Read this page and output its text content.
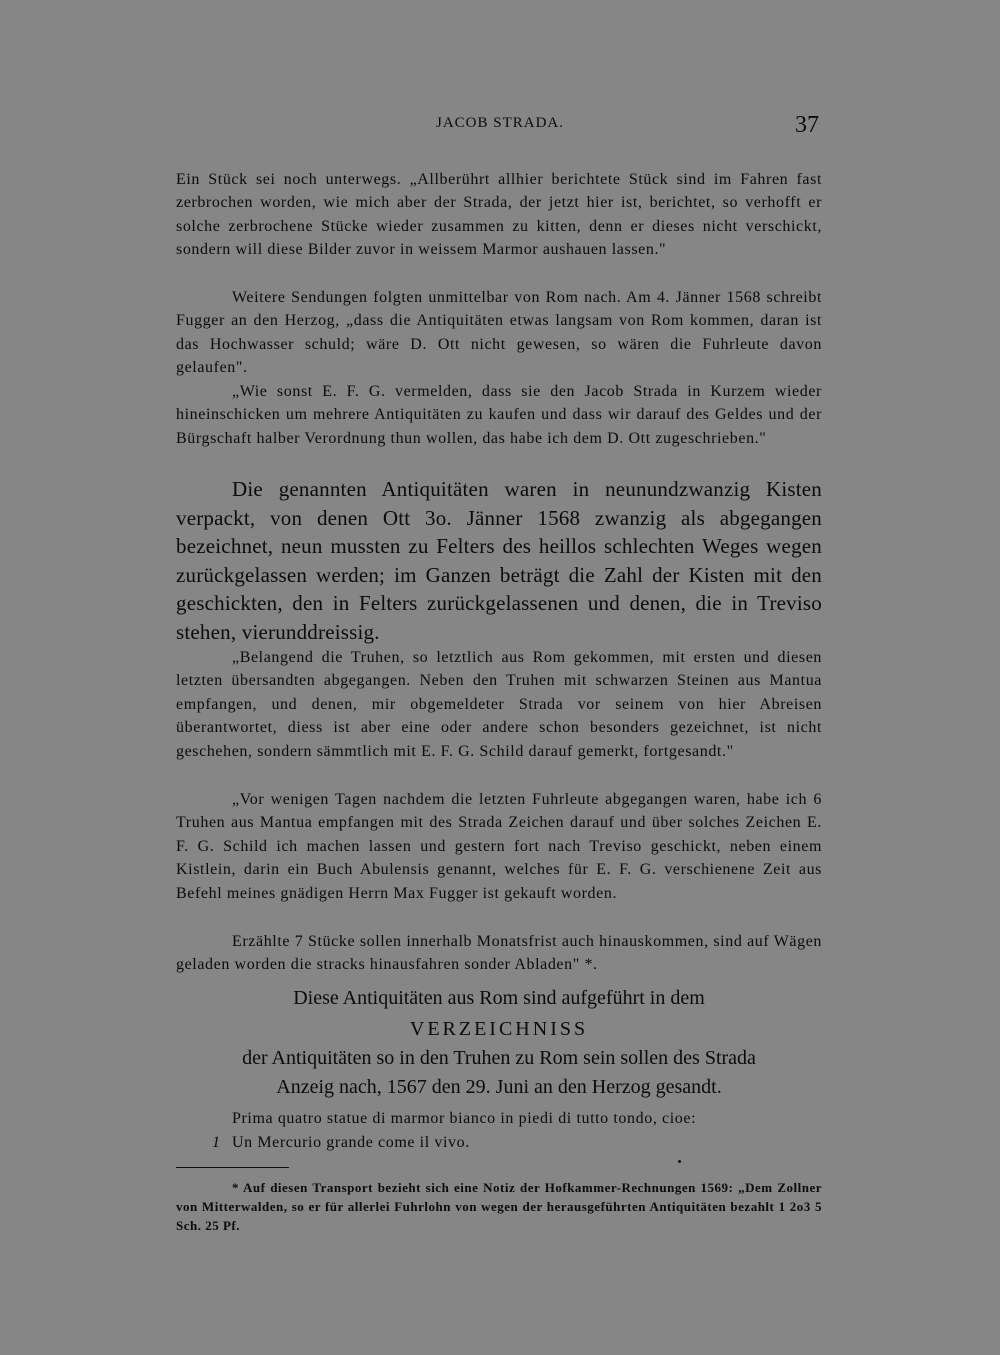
JACOB STRADA.	37

Ein Stück sei noch unterwegs. „Allberührt allhier berichtete Stück sind im Fahren fast zerbrochen worden, wie mich aber der Strada, der jetzt hier ist, berichtet, so verhofft er solche zerbrochene Stücke wieder zusammen zu kitten, denn er dieses nicht verschickt, sondern will diese Bilder zuvor in weissem Marmor aushauen lassen."

Weitere Sendungen folgten unmittelbar von Rom nach. Am 4. Jänner 1568 schreibt Fugger an den Herzog, „dass die Antiquitäten etwas langsam von Rom kommen, daran ist das Hochwasser schuld; wäre D. Ott nicht gewesen, so wären die Fuhrleute davon gelaufen".

„Wie sonst E. F. G. vermelden, dass sie den Jacob Strada in Kurzem wieder hineinschicken um mehrere Antiquitäten zu kaufen und dass wir darauf des Geldes und der Bürgschaft halber Verordnung thun wollen, das habe ich dem D. Ott zugeschrieben."

Die genannten Antiquitäten waren in neunundzwanzig Kisten verpackt, von denen Ott 3o. Jänner 1568 zwanzig als abgegangen bezeichnet, neun mussten zu Felters des heillos schlechten Weges wegen zurückgelassen werden; im Ganzen beträgt die Zahl der Kisten mit den geschickten, den in Felters zurückgelassenen und denen, die in Treviso stehen, vierunddreissig.

„Belangend die Truhen, so letztlich aus Rom gekommen, mit ersten und diesen letzten übersandten abgegangen. Neben den Truhen mit schwarzen Steinen aus Mantua empfangen, und denen, mir obgemeldeter Strada vor seinem von hier Abreisen überantwortet, diess ist aber eine oder andere schon besonders gezeichnet, ist nicht geschehen, sondern sämmtlich mit E. F. G. Schild darauf gemerkt, fortgesandt."

„Vor wenigen Tagen nachdem die letzten Fuhrleute abgegangen waren, habe ich 6 Truhen aus Mantua empfangen mit des Strada Zeichen darauf und über solches Zeichen E. F. G. Schild ich machen lassen und gestern fort nach Treviso geschickt, neben einem Kistlein, darin ein Buch Abulensis genannt, welches für E. F. G. verschienene Zeit aus Befehl meines gnädigen Herrn Max Fugger ist gekauft worden.

Erzählte 7 Stücke sollen innerhalb Monatsfrist auch hinauskommen, sind auf Wägen geladen worden die stracks hinausfahren sonder Abladen" *.

Diese Antiquitäten aus Rom sind aufgeführt in dem

VERZEICHNISS

der Antiquitäten so in den Truhen zu Rom sein sollen des Strada

Anzeig nach, 1567 den 29. Juni an den Herzog gesandt.

Prima quatro statue di marmor bianco in piedi di tutto tondo, cioe:

1 Un Mercurio grande come il vivo.

* Auf diesen Transport bezieht sich eine Notiz der Hofkammer-Rechnungen 1569: „Dem Zollner von Mitterwalden, so er für allerlei Fuhrlohn von wegen der herausgeführten Antiquitäten bezahlt 1 2o3 5 Sch. 25 Pf.
